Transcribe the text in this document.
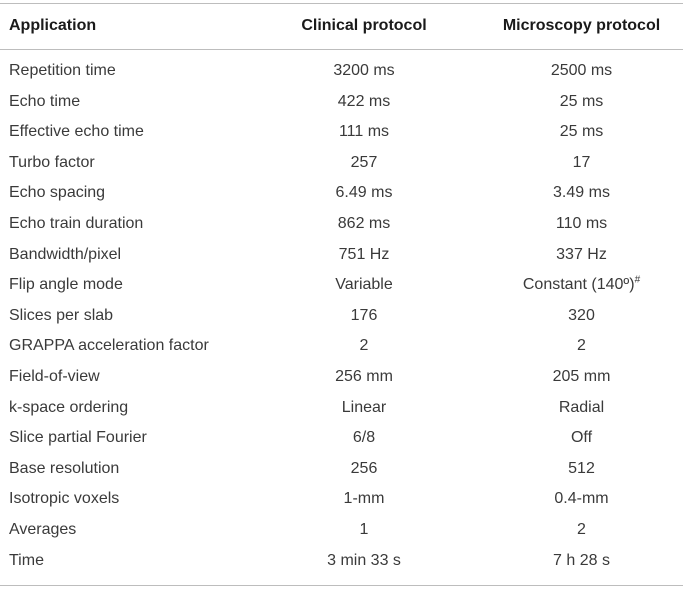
Application	Clinical protocol	Microscopy protocol
Repetition time	3200 ms	2500 ms
Echo time	422 ms	25 ms
Effective echo time	111 ms	25 ms
Turbo factor	257	17
Echo spacing	6.49 ms	3.49 ms
Echo train duration	862 ms	110 ms
Bandwidth/pixel	751 Hz	337 Hz
Flip angle mode	Variable	Constant (140º)#
Slices per slab	176	320
GRAPPA acceleration factor	2	2
Field-of-view	256 mm	205 mm
k-space ordering	Linear	Radial
Slice partial Fourier	6/8	Off
Base resolution	256	512
Isotropic voxels	1-mm	0.4-mm
Averages	1	2
Time	3 min 33 s	7 h 28 s
